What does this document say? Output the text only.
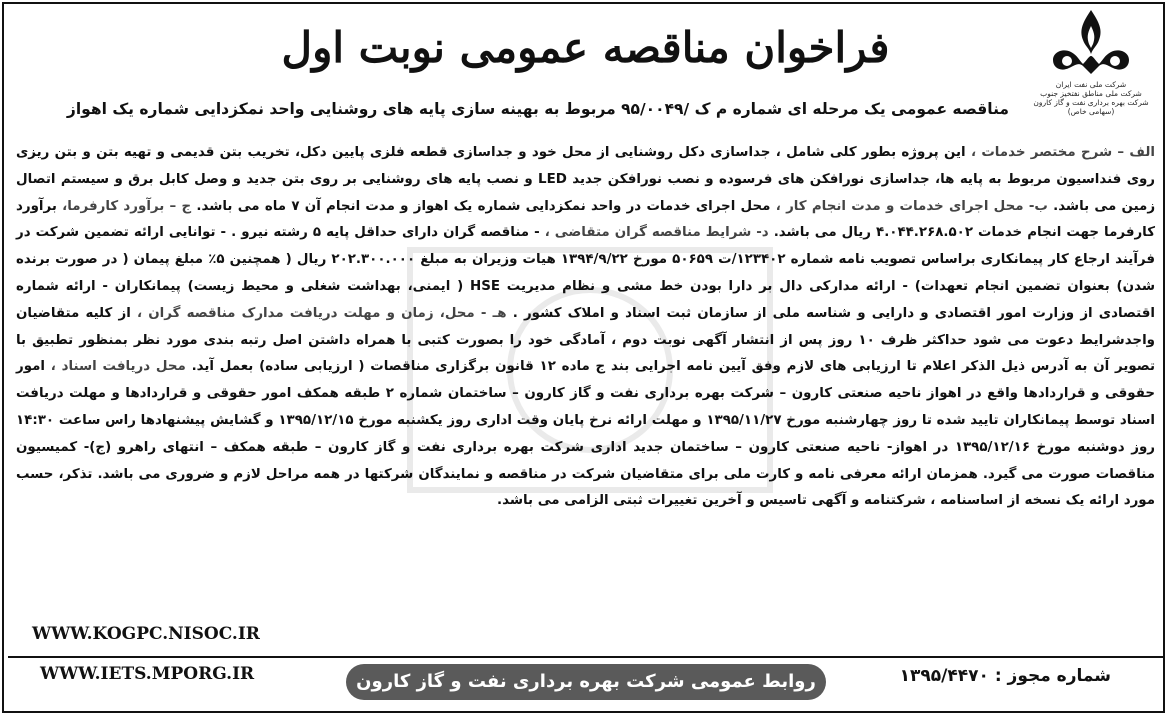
شرکت ملی نفت ایران
شرکت ملی مناطق نفتخیز جنوب
شرکت بهره برداری نفت و گاز کارون
(سهامی خاص)
فراخوان مناقصه عمومی نوبت اول
مناقصه عمومی یک مرحله ای شماره م ک /۹۵/۰۰۴۹ مربوط به بهینه سازی پایه های روشنایی واحد نمکزدایی شماره یک اهواز
الف – شرح مختصر خدمات ، این پروژه بطور کلی شامل ، جداسازی دکل روشنایی از محل خود و جداسازی قطعه فلزی پایین دکل، تخریب بتن قدیمی و تهیه بتن و بتن ریزی روی فنداسیون مربوط به پایه ها، جداسازی نورافکن های فرسوده و نصب نورافکن جدید LED و نصب پایه های روشنایی بر روی بتن جدید و وصل کابل برق و سیستم اتصال زمین می باشد. ب- محل اجرای خدمات و مدت انجام کار ، محل اجرای خدمات در واحد نمکزدایی شماره یک اهواز و مدت انجام آن ۷ ماه می باشد. ج – برآورد کارفرما، برآورد کارفرما جهت انجام خدمات ۴.۰۴۴.۲۶۸.۵۰۲ ریال می باشد. د- شرایط مناقصه گران متقاضی ، - مناقصه گران دارای حداقل پایه ۵ رشته نیرو . - توانایی ارائه تضمین شرکت در فرآیند ارجاع کار پیمانکاری براساس تصویب نامه شماره ۱۲۳۴۰۲/ت ۵۰۶۵۹ مورخ ۱۳۹۴/۹/۲۲ هیات وزیران به مبلغ ۲۰۲.۳۰۰.۰۰۰ ریال ( همچنین ۵٪ مبلغ پیمان ( در صورت برنده شدن) بعنوان تضمین انجام تعهدات) - ارائه مدارکی دال بر دارا بودن خط مشی و نظام مدیریت HSE ( ایمنی، بهداشت شغلی و محیط زیست) پیمانکاران - ارائه شماره اقتصادی از وزارت امور اقتصادی و دارایی و شناسه ملی از سازمان ثبت اسناد و املاک کشور . هـ - محل، زمان و مهلت دریافت مدارک مناقصه گران ، از کلیه متقاضیان واجدشرایط دعوت می شود حداکثر ظرف ۱۰ روز پس از انتشار آگهی نوبت دوم ، آمادگی خود را بصورت کتبی با همراه داشتن اصل رتبه بندی مورد نظر بمنظور تطبیق با تصویر آن به آدرس ذیل الذکر اعلام تا ارزیابی های لازم وفق آیین نامه اجرایی بند ج ماده ۱۲ قانون برگزاری مناقصات ( ارزیابی ساده) بعمل آید. محل دریافت اسناد ، امور حقوقی و قراردادها واقع در اهواز ناحیه صنعتی کارون – شرکت بهره برداری نفت و گاز کارون – ساختمان شماره ۲ طبقه همکف امور حقوقی و قراردادها و مهلت دریافت اسناد توسط پیمانکاران تایید شده تا روز چهارشنبه مورخ ۱۳۹۵/۱۱/۲۷ و مهلت ارائه نرخ پایان وقت اداری روز یکشنبه مورخ ۱۳۹۵/۱۲/۱۵ و گشایش پیشنهادها راس ساعت ۱۴:۳۰ روز دوشنبه مورخ ۱۳۹۵/۱۲/۱۶ در اهواز- ناحیه صنعتی کارون – ساختمان جدید اداری شرکت بهره برداری نفت و گاز کارون – طبقه همکف – انتهای راهرو (ج)- کمیسیون مناقصات صورت می گیرد. همزمان ارائه معرفی نامه و کارت ملی برای متقاضیان شرکت در مناقصه و نمایندگان شرکتها در همه مراحل لازم و ضروری می باشد. تذکر، حسب مورد ارائه یک نسخه از اساسنامه ، شرکتنامه و آگهی تاسیس و آخرین تغییرات ثبتی الزامی می باشد.
WWW.KOGPC.NISOC.IR
WWW.IETS.MPORG.IR	روابط عمومی شرکت بهره برداری نفت و گاز کارون	شماره مجوز : ۱۳۹۵/۴۴۷۰
